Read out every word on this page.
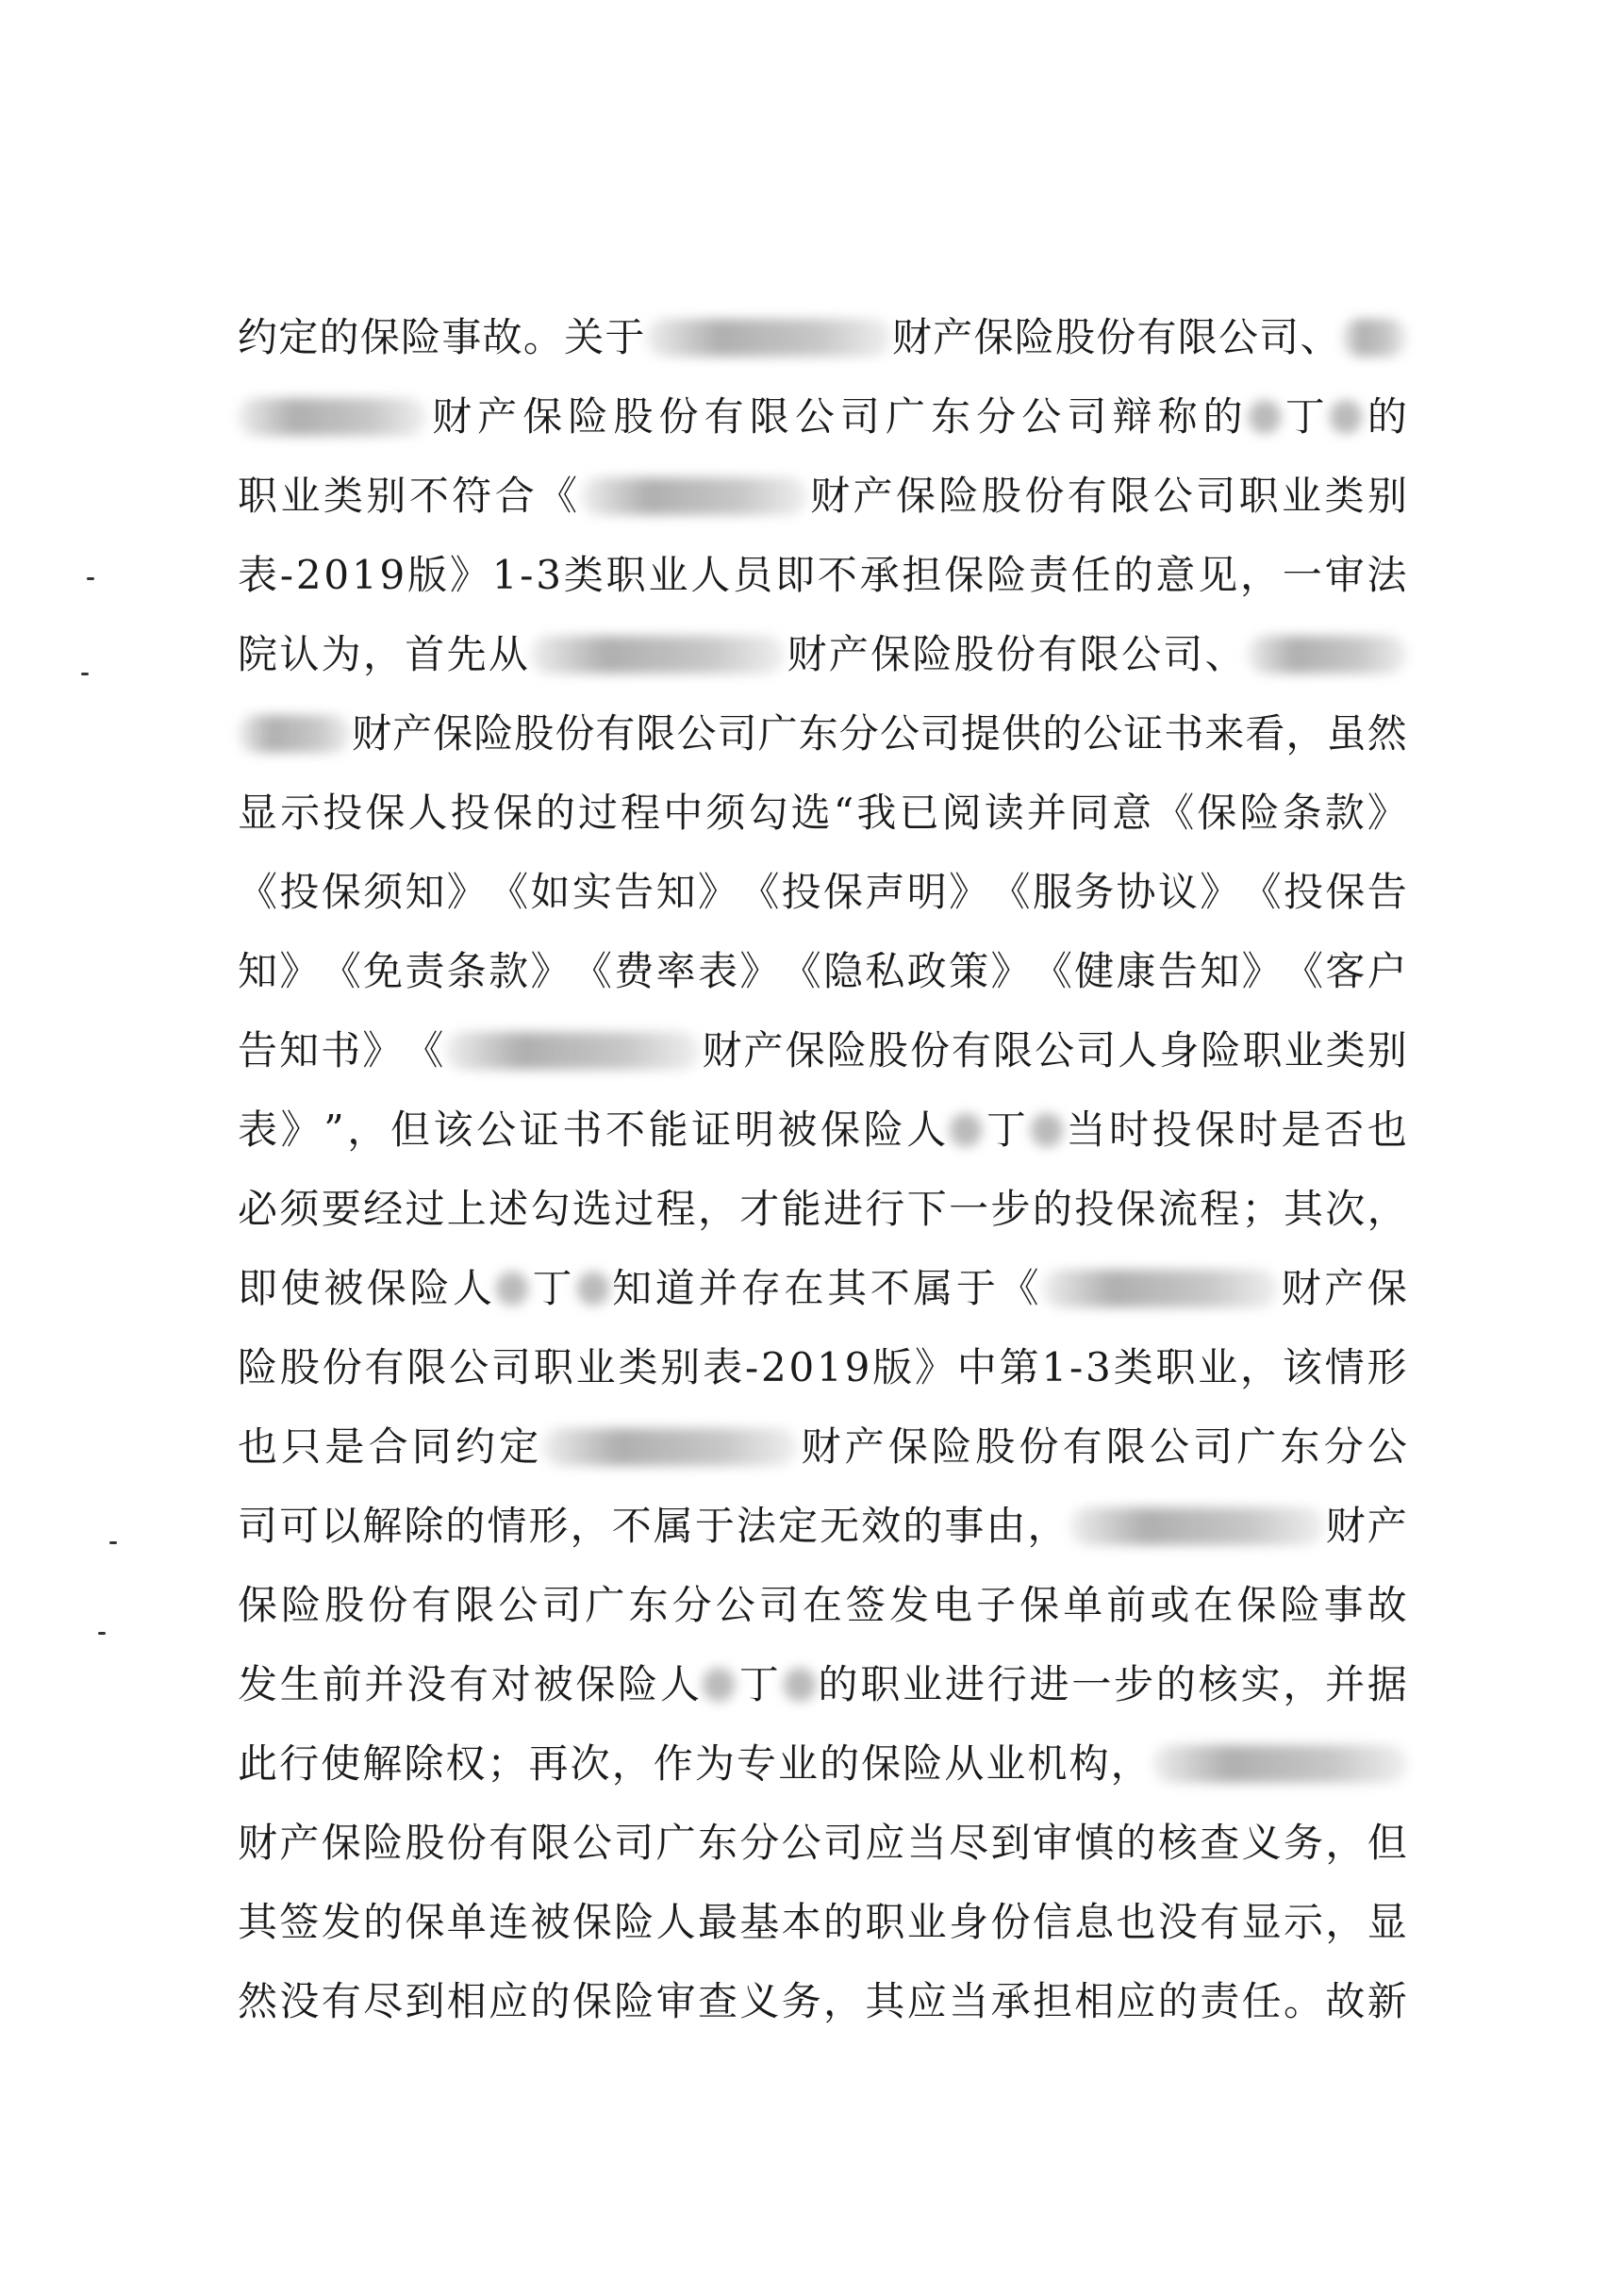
约 定 的 保 险 事 故 。 关 于	财 产 保 险 股 份 有 限 公 司 、
财 产 保 险 股 份 有 限 公 司 广 东 分 公 司 辩 称 的 丁 的
职 业 类 别 不 符 合 《	财 产 保 险 股 份 有 限 公 司 职 业 类 别
表 - 2 0 1 9 版 》 1 - 3 类 职 业 人 员 即 不 承 担 保 险 责 任 的 意 见 ， 一 审 法
院 认 为 ， 首 先 从	财 产 保 险 股 份 有 限 公 司 、
财 产 保 险 股 份 有 限 公 司 广 东 分 公 司 提 供 的 公 证 书 来 看 ， 虽 然
显 示 投 保 人 投 保 的 过 程 中 须 勾 选 “ 我 已 阅 读 并 同 意 《 保 险 条 款 》
《 投 保 须 知 》 《 如 实 告 知 》 《 投 保 声 明 》 《 服 务 协 议 》 《 投 保 告
知 》 《 免 责 条 款 》 《 费 率 表 》 《 隐 私 政 策 》 《 健 康 告 知 》 《 客 户
告 知 书 》 《	财 产 保 险 股 份 有 限 公 司 人 身 险 职 业 类 别
表 》 ” ， 但 该 公 证 书 不 能 证 明 被 保 险 人 丁 当 时 投 保 时 是 否 也
必 须 要 经 过 上 述 勾 选 过 程 ， 才 能 进 行 下 一 步 的 投 保 流 程 ； 其 次 ，
即 使 被 保 险 人 丁 知 道 并 存 在 其 不 属 于 《	财 产 保
险 股 份 有 限 公 司 职 业 类 别 表 - 2 0 1 9 版 》 中 第 1 - 3 类 职 业 ， 该 情 形
也 只 是 合 同 约 定	财 产 保 险 股 份 有 限 公 司 广 东 分 公
司 可 以 解 除 的 情 形 ， 不 属 于 法 定 无 效 的 事 由 ，	财 产
保 险 股 份 有 限 公 司 广 东 分 公 司 在 签 发 电 子 保 单 前 或 在 保 险 事 故
发 生 前 并 没 有 对 被 保 险 人 丁 的 职 业 进 行 进 一 步 的 核 实 ， 并 据
此 行 使 解 除 权 ； 再 次 ， 作 为 专 业 的 保 险 从 业 机 构 ，
财 产 保 险 股 份 有 限 公 司 广 东 分 公 司 应 当 尽 到 审 慎 的 核 查 义 务 ， 但
其 签 发 的 保 单 连 被 保 险 人 最 基 本 的 职 业 身 份 信 息 也 没 有 显 示 ， 显
然 没 有 尽 到 相 应 的 保 险 审 查 义 务 ， 其 应 当 承 担 相 应 的 责 任 。 故 新
